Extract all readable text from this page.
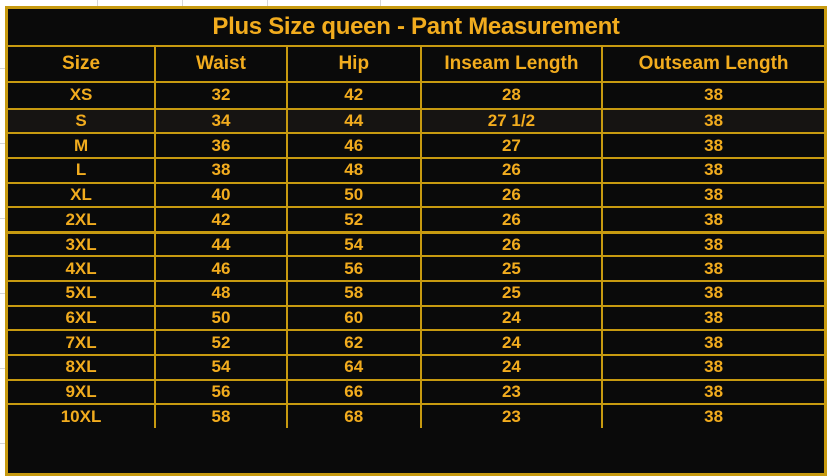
Plus Size queen - Pant Measurement
Size	Waist	Hip	Inseam Length	Outseam Length
XS	32	42	28	38
S	34	44	27 1/2	38
M	36	46	27	38
L	38	48	26	38
XL	40	50	26	38
2XL	42	52	26	38
3XL	44	54	26	38
4XL	46	56	25	38
5XL	48	58	25	38
6XL	50	60	24	38
7XL	52	62	24	38
8XL	54	64	24	38
9XL	56	66	23	38
10XL	58	68	23	38
